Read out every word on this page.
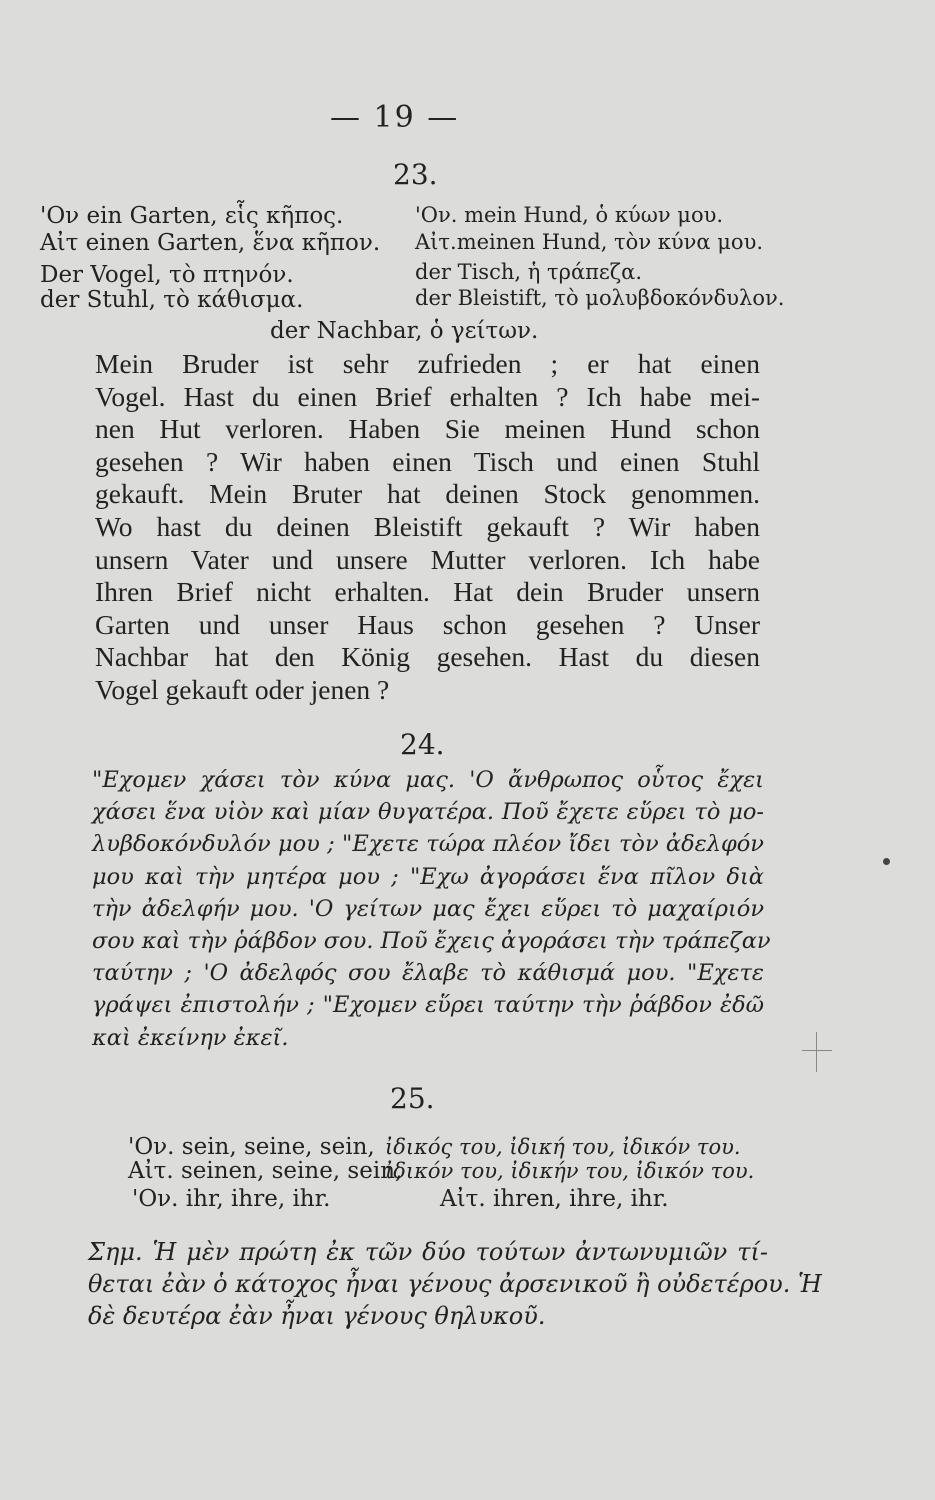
— 19 —
23.
'Ον ein Garten, εἷς κῆπος.
Αἰτ einen Garten, ἕνα κῆπον.
Der Vogel, τὸ πτηνόν.
der Stuhl, τὸ κάθισμα.
'Ον. mein Hund, ὁ κύων μου.
Αἰτ.meinen Hund, τὸν κύνα μου.
der Tisch, ἡ τράπεζα.
der Bleistift, τὸ μολυβδοκόνδυλον.
der Nachbar, ὁ γείτων.
Mein Bruder ist sehr zufrieden ; er hat einen
Vogel. Hast du einen Brief erhalten ? Ich habe mei-
nen Hut verloren. Haben Sie meinen Hund schon
gesehen ? Wir haben einen Tisch und einen Stuhl
gekauft. Mein Bruter hat deinen Stock genommen.
Wo hast du deinen Bleistift gekauft ? Wir haben
unsern Vater und unsere Mutter verloren. Ich habe
Ihren Brief nicht erhalten. Hat dein Bruder unsern
Garten und unser Haus schon gesehen ? Unser
Nachbar hat den König gesehen. Hast du diesen
Vogel gekauft oder jenen ?
24.
"Εχομεν χάσει τὸν κύνα μας. 'Ο ἄνθρωπος οὗτος ἔχει
χάσει ἕνα υἱὸν καὶ μίαν θυγατέρα. Ποῦ ἔχετε εὕρει τὸ μο-
λυβδοκόνδυλόν μου ; "Εχετε τώρα πλέον ἴδει τὸν ἀδελφόν
μου καὶ τὴν μητέρα μου ; "Εχω ἀγοράσει ἕνα πῖλον διὰ
τὴν ἀδελφήν μου. 'Ο γείτων μας ἔχει εὕρει τὸ μαχαίριόν
σου καὶ τὴν ῥάβδον σου. Ποῦ ἔχεις ἀγοράσει τὴν τράπεζαν
ταύτην ; 'Ο ἀδελφός σου ἔλαβε τὸ κάθισμά μου. "Εχετε
γράψει ἐπιστολήν ; "Εχομεν εὕρει ταύτην τὴν ῥάβδον ἐδῶ
καὶ ἐκείνην ἐκεῖ.
25.
'Ον. sein, seine, sein, ἰδικός του, ἰδική του, ἰδικόν του.
Αἰτ. seinen, seine, sein,
ἰδικόν του, ἰδικήν του, ἰδικόν του.
'Ον. ihr, ihre, ihr.	Αἰτ. ihren, ihre, ihr.
Σημ. Ἡ μὲν πρώτη ἐκ τῶν δύο τούτων ἀντωνυμιῶν τί-
θεται ἐὰν ὁ κάτοχος ἦναι γένους ἀρσενικοῦ ἢ οὐδετέρου. Ἡ
δὲ δευτέρα ἐὰν ἦναι γένους θηλυκοῦ.
